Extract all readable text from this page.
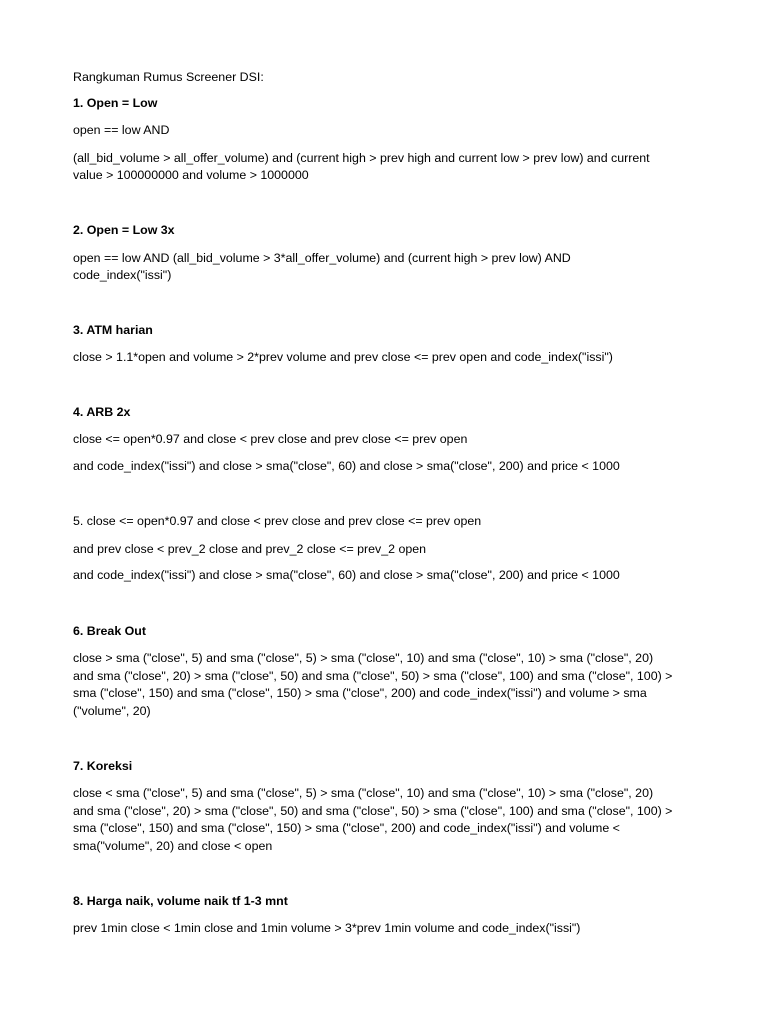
Rangkuman Rumus Screener DSI:
1. Open = Low
open == low AND
(all_bid_volume > all_offer_volume) and (current high > prev high and current low > prev low) and current
value > 100000000 and volume > 1000000
2. Open = Low 3x
open == low AND (all_bid_volume > 3*all_offer_volume) and (current high > prev low) AND
code_index("issi")
3. ATM harian
close > 1.1*open and volume > 2*prev volume and prev close <= prev open and code_index("issi")
4. ARB 2x
close <= open*0.97 and close < prev close and prev close <= prev open
and code_index("issi") and close > sma("close", 60) and close > sma("close", 200) and price < 1000
5. close <= open*0.97 and close < prev close and prev close <= prev open
and prev close < prev_2 close and prev_2 close <= prev_2 open
and code_index("issi") and close > sma("close", 60) and close > sma("close", 200) and price < 1000
6. Break Out
close > sma ("close", 5) and sma ("close", 5) > sma ("close", 10) and sma ("close", 10) > sma ("close", 20)
and sma ("close", 20) > sma ("close", 50) and sma ("close", 50) > sma ("close", 100) and sma ("close", 100) >
sma ("close", 150) and sma ("close", 150) > sma ("close", 200) and code_index("issi") and volume > sma
("volume", 20)
7. Koreksi
close < sma ("close", 5) and sma ("close", 5) > sma ("close", 10) and sma ("close", 10) > sma ("close", 20)
and sma ("close", 20) > sma ("close", 50) and sma ("close", 50) > sma ("close", 100) and sma ("close", 100) >
sma ("close", 150) and sma ("close", 150) > sma ("close", 200) and code_index("issi") and volume <
sma("volume", 20) and close < open
8. Harga naik, volume naik tf 1-3 mnt
prev 1min close < 1min close and 1min volume > 3*prev 1min volume and code_index("issi")
